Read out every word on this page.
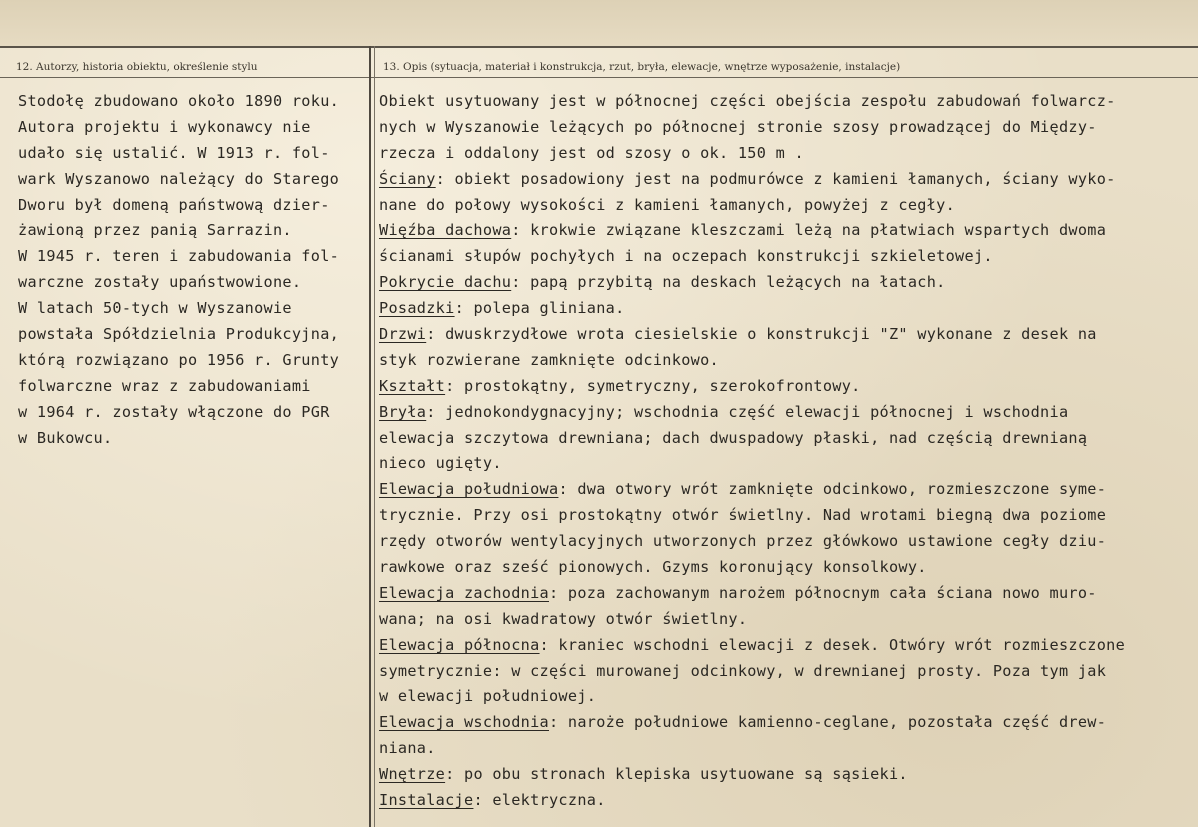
12. Autorzy, historia obiektu, określenie stylu	13. Opis (sytuacja, materiał i konstrukcja, rzut, bryła, elewacje, wnętrze wyposażenie, instalacje)
Stodołę zbudowano około 1890 roku.
Autora projektu i wykonawcy nie
udało się ustalić. W 1913 r. fol-
wark Wyszanowo należący do Starego
Dworu był domeną państwową dzier-
żawioną przez panią Sarrazin.
W 1945 r. teren i zabudowania fol-
warczne zostały upaństwowione.
W latach 50-tych w Wyszanowie
powstała Spółdzielnia Produkcyjna,
którą rozwiązano po 1956 r. Grunty
folwarczne wraz z zabudowaniami
w 1964 r. zostały włączone do PGR
w Bukowcu.
Obiekt usytuowany jest w północnej części obejścia zespołu zabudowań folwarcz-
nych w Wyszanowie leżących po północnej stronie szosy prowadzącej do Między-
rzecza i oddalony jest od szosy o ok. 150 m .
Ściany: obiekt posadowiony jest na podmurówce z kamieni łamanych, ściany wyko-
nane do połowy wysokości z kamieni łamanych, powyżej z cegły.
Więźba dachowa: krokwie związane kleszczami leżą na płatwiach wspartych dwoma
ścianami słupów pochyłych i na oczepach konstrukcji szkieletowej.
Pokrycie dachu: papą przybitą na deskach leżących na łatach.
Posadzki: polepa gliniana.
Drzwi: dwuskrzydłowe wrota ciesielskie o konstrukcji "Z" wykonane z desek na
styk rozwierane zamknięte odcinkowo.
Kształt: prostokątny, symetryczny, szerokofrontowy.
Bryła: jednokondygnacyjny; wschodnia część elewacji północnej i wschodnia
elewacja szczytowa drewniana; dach dwuspadowy płaski, nad częścią drewnianą
nieco ugięty.
Elewacja południowa: dwa otwory wrót zamknięte odcinkowo, rozmieszczone syme-
trycznie. Przy osi prostokątny otwór świetlny. Nad wrotami biegną dwa poziome
rzędy otworów wentylacyjnych utworzonych przez główkowo ustawione cegły dziu-
rawkowe oraz sześć pionowych. Gzyms koronujący konsolkowy.
Elewacja zachodnia: poza zachowanym narożem północnym cała ściana nowo muro-
wana; na osi kwadratowy otwór świetlny.
Elewacja północna: kraniec wschodni elewacji z desek. Otwóry wrót rozmieszczone
symetrycznie: w części murowanej odcinkowy, w drewnianej prosty. Poza tym jak
w elewacji południowej.
Elewacja wschodnia: naroże południowe kamienno-ceglane, pozostała część drew-
niana.
Wnętrze: po obu stronach klepiska usytuowane są sąsieki.
Instalacje: elektryczna.
